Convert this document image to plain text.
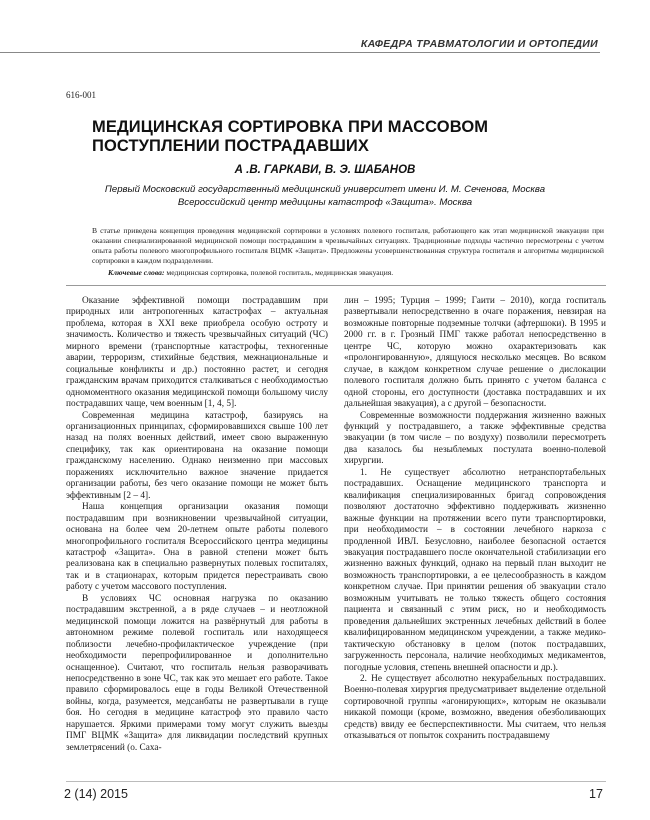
КАФЕДРА ТРАВМАТОЛОГИИ И ОРТОПЕДИИ
616-001
МЕДИЦИНСКАЯ СОРТИРОВКА ПРИ МАССОВОМ ПОСТУПЛЕНИИ ПОСТРАДАВШИХ
А .В. ГАРКАВИ, В. Э. ШАБАНОВ
Первый Московский государственный медицинский университет имени И. М. Сеченова, Москва
Всероссийский центр медицины катастроф «Защита». Москва
В статье приведена концепция проведения медицинской сортировки в условиях полевого госпиталя, работающего как этап медицинской эвакуации при оказании специализированной медицинской помощи пострадавшим в чрезвычайных ситуациях. Традиционные подходы частично пересмотрены с учетом опыта работы полевого многопрофильного госпиталя ВЦМК «Защита». Предложены усовершенствованная структура госпиталя и алгоритмы медицинской сортировки в каждом подразделении.
Ключевые слова: медицинская сортировка, полевой госпиталь, медицинская эвакуация.

Оказание эффективной помощи пострадавшим при природных или антропогенных катастрофах – актуальная проблема, которая в XXI веке приобрела особую остроту и значимость. Количество и тяжесть чрезвычайных ситуаций (ЧС) мирного времени (транспортные катастрофы, техногенные аварии, терроризм, стихийные бедствия, межнациональные и социальные конфликты и др.) постоянно растет, и сегодня гражданским врачам приходится сталкиваться с необходимостью одномоментного оказания медицинской помощи большому числу пострадавших чаще, чем военным [1, 4, 5].

Современная медицина катастроф, базируясь на организационных принципах, сформировавшихся свыше 100 лет назад на полях военных действий, имеет свою выраженную специфику, так как ориентирована на оказание помощи гражданскому населению. Однако неизменно при массовых поражениях исключительно важное значение придается организации работы, без чего оказание помощи не может быть эффективным [2 – 4].

Наша концепция организации оказания помощи пострадавшим при возникновении чрезвычайной ситуации, основана на более чем 20-летнем опыте работы полевого многопрофильного госпиталя Всероссийского центра медицины катастроф «Защита». Она в равной степени может быть реализована как в специально развернутых полевых госпиталях, так и в стационарах, которым придется перестраивать свою работу с учетом массового поступления.

В условиях ЧС основная нагрузка по оказанию пострадавшим экстренной, а в ряде случаев – и неотложной медицинской помощи ложится на развёрнутый для работы в автономном режиме полевой госпиталь или находящееся поблизости лечебно-профилактическое учреждение (при необходимости перепрофилированное и дополнительно оснащенное). Считают, что госпиталь нельзя разворачивать непосредственно в зоне ЧС, так как это мешает его работе. Такое правило сформировалось еще в годы Великой Отечественной войны, когда, разумеется, медсанбаты не развертывали в гуще боя. Но сегодня в медицине катастроф это правило часто нарушается. Яркими примерами тому могут служить выезды ПМГ ВЦМК «Защита» для ликвидации последствий крупных землетрясений (о. Саха-

лин – 1995; Турция – 1999; Гаити – 2010), когда госпиталь развертывали непосредственно в очаге поражения, невзирая на возможные повторные подземные толчки (афтершоки). В 1995 и 2000 гг. в г. Грозный ПМГ также работал непосредственно в центре ЧС, которую можно охарактеризовать как «пролонгированную», длящуюся несколько месяцев. Во всяком случае, в каждом конкретном случае решение о дислокации полевого госпиталя должно быть принято с учетом баланса с одной стороны, его доступности (доставка пострадавших и их дальнейшая эвакуация), а с другой – безопасности.

Современные возможности поддержания жизненно важных функций у пострадавшего, а также эффективные средства эвакуации (в том числе – по воздуху) позволили пересмотреть два казалось бы незыблемых постулата военно-полевой хирургии.

1. Не существует абсолютно нетранспортабельных пострадавших. Оснащение медицинского транспорта и квалификация специализированных бригад сопровождения позволяют достаточно эффективно поддерживать жизненно важные функции на протяжении всего пути транспортировки, при необходимости – в состоянии лечебного наркоза с продленной ИВЛ. Безусловно, наиболее безопасной остается эвакуация пострадавшего после окончательной стабилизации его жизненно важных функций, однако на первый план выходит не возможность транспортировки, а ее целесообразность в каждом конкретном случае. При принятии решения об эвакуации стало возможным учитывать не только тяжесть общего состояния пациента и связанный с этим риск, но и необходимость проведения дальнейших экстренных лечебных действий в более квалифицированном медицинском учреждении, а также медико-тактическую обстановку в целом (поток пострадавших, загруженность персонала, наличие необходимых медикаментов, погодные условия, степень внешней опасности и др.).

2. Не существует абсолютно некурабельных пострадавших. Военно-полевая хирургия предусматривает выделение отдельной сортировочной группы «агонирующих», которым не оказывали никакой помощи (кроме, возможно, введения обезболивающих средств) ввиду ее бесперспективности. Мы считаем, что нельзя отказываться от попыток сохранить пострадавшему

2 (14) 2015	17
